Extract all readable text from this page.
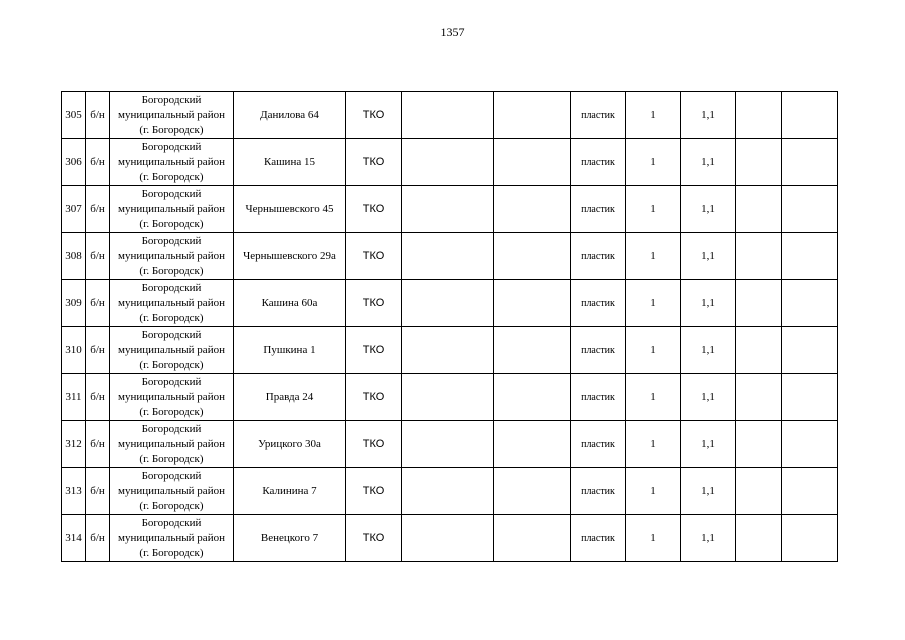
1357
305	б/н	Богородский
муниципальный район
(г. Богородск)	Данилова 64	ТКО			пластик	1	1,1		
306	б/н	Богородский
муниципальный район
(г. Богородск)	Кашина 15	ТКО			пластик	1	1,1		
307	б/н	Богородский
муниципальный район
(г. Богородск)	Чернышевского 45	ТКО			пластик	1	1,1		
308	б/н	Богородский
муниципальный район
(г. Богородск)	Чернышевского 29а	ТКО			пластик	1	1,1		
309	б/н	Богородский
муниципальный район
(г. Богородск)	Кашина 60а	ТКО			пластик	1	1,1		
310	б/н	Богородский
муниципальный район
(г. Богородск)	Пушкина 1	ТКО			пластик	1	1,1		
311	б/н	Богородский
муниципальный район
(г. Богородск)	Правда 24	ТКО			пластик	1	1,1		
312	б/н	Богородский
муниципальный район
(г. Богородск)	Урицкого 30а	ТКО			пластик	1	1,1		
313	б/н	Богородский
муниципальный район
(г. Богородск)	Калинина 7	ТКО			пластик	1	1,1		
314	б/н	Богородский
муниципальный район
(г. Богородск)	Венецкого 7	ТКО			пластик	1	1,1		
